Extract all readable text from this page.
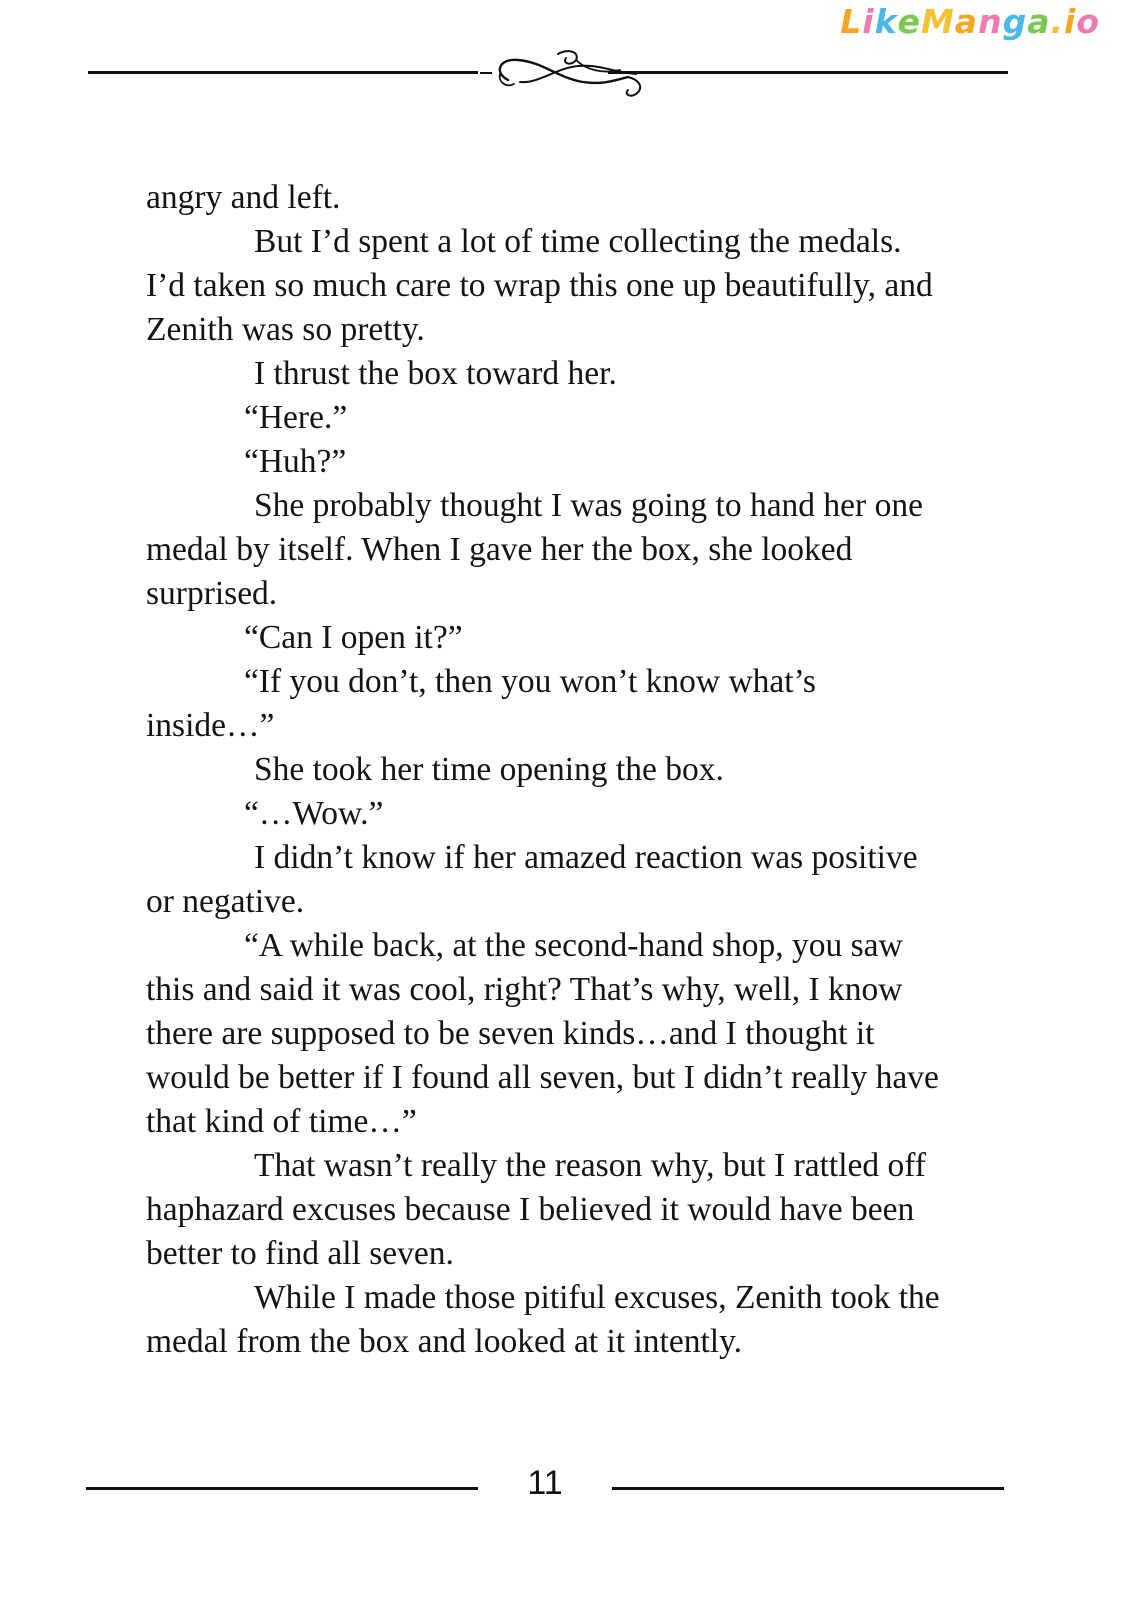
LikeManga.io

angry and left.

But I’d spent a lot of time collecting the medals. I’d taken so much care to wrap this one up beautifully, and Zenith was so pretty.

I thrust the box toward her.

“Here.”

“Huh?”

She probably thought I was going to hand her one medal by itself. When I gave her the box, she looked surprised.

“Can I open it?”

“If you don’t, then you won’t know what’s inside…”

She took her time opening the box.

“…Wow.”

I didn’t know if her amazed reaction was positive or negative.

“A while back, at the second-hand shop, you saw this and said it was cool, right? That’s why, well, I know there are supposed to be seven kinds…and I thought it would be better if I found all seven, but I didn’t really have that kind of time…”

That wasn’t really the reason why, but I rattled off haphazard excuses because I believed it would have been better to find all seven.

While I made those pitiful excuses, Zenith took the medal from the box and looked at it intently.

11
